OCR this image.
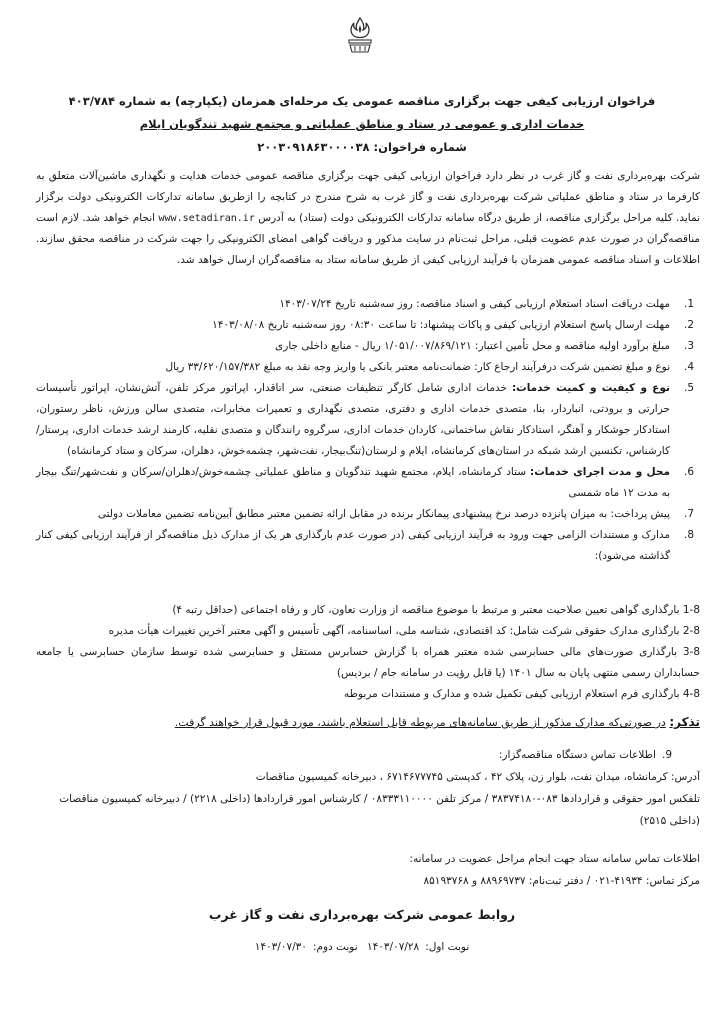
فراخوان ارزیابی کیفی جهت برگزاری مناقصه عمومی یک مرحله‌ای همزمان (یکپارچه) به شماره ۴۰۳/۷۸۴
خدمات اداری و عمومی در ستاد و مناطق عملیاتی و مجتمع شهید تندگویان ایلام
شماره فراخوان: ۲۰۰۳۰۹۱۸۶۳۰۰۰۰۳۸
شرکت بهره‌برداری نفت و گاز غرب در نظر دارد فراخوان ارزیابی کیفی جهت برگزاری مناقصه عمومی خدمات هدایت و نگهداری ماشین‌آلات متعلق به کارفرما در ستاد و مناطق عملیاتی شرکت بهره‌برداری نفت و گاز غرب به شرح مندرج در کتابچه را ازطریق سامانه تدارکات الکترونیکی دولت برگزار نماید. کلیه مراحل برگزاری مناقصه، از طریق درگاه سامانه تدارکات الکترونیکی دولت (ستاد) به آدرس www.setadiran.ir انجام خواهد شد. لازم است مناقصه‌گران در صورت عدم عضویت قبلی، مراحل ثبت‌نام در سایت مذکور و دریافت گواهی امضای الکترونیکی را جهت شرکت در مناقصه محقق سازند. اطلاعات و اسناد مناقصه عمومی همزمان با فرآیند ارزیابی کیفی از طریق سامانه ستاد به مناقصه‌گران ارسال خواهد شد.
1.
مهلت دریافت اسناد استعلام ارزیابی کیفی و اسناد مناقصه: روز سه‌شنبه تاریخ ۱۴۰۳/۰۷/۲۴
2.
مهلت ارسال پاسخ استعلام ارزیابی کیفی و پاکات پیشنهاد: تا ساعت ۰۸:۳۰ روز سه‌شنبه تاریخ ۱۴۰۳/۰۸/۰۸
3.
مبلغ برآورد اولیه مناقصه و محل تأمین اعتبار: ۱/۰۵۱/۰۰۷/۸۶۹/۱۲۱ ریال - منابع داخلی جاری
4.
نوع و مبلغ تضمین شرکت درفرآیند ارجاع کار: ضمانت‌نامه معتبر بانکی یا واریز وجه نقد به مبلغ ۳۳/۶۲۰/۱۵۷/۳۸۲ ریال
5.
نوع و کیفیت و کمیت خدمات: خدمات اداری شامل کارگر تنظیفات صنعتی، سر اتاقدار، اپراتور مرکز تلفن، آتش‌نشان، اپراتور تأسیسات حرارتی و برودتی، انباردار، بنا، متصدی خدمات اداری و دفتری، متصدی نگهداری و تعمیرات مخابرات، متصدی سالن ورزش، ناظر رستوران، استادکار جوشکار و آهنگر، استادکار نقاش ساختمانی، کاردان خدمات اداری، سرگروه رانندگان و متصدی نقلیه، کارمند ارشد خدمات اداری، پرستار/کارشناس، تکنسین ارشد شبکه در استان‌های کرمانشاه، ایلام و لرستان(تنگ‌بیجار، نفت‌شهر، چشمه‌خوش، دهلران، سرکان و ستاد کرمانشاه)
6.
محل و مدت اجرای خدمات: ستاد کرمانشاه، ایلام، مجتمع شهید تندگویان و مناطق عملیاتی چشمه‌خوش/دهلران/سرکان و نفت‌شهر/تنگ بیجار به مدت ۱۲ ماه شمسی
7.
پیش پرداخت: به میزان پانزده درصد نرخ پیشنهادی پیمانکار برنده در مقابل ارائه تضمین معتبر مطابق آیین‌نامه تضمین معاملات دولتی
8.
مدارک و مستندات الزامی جهت ورود به فرآیند ارزیابی کیفی (در صورت عدم بارگذاری هر یک از مدارک ذیل مناقصه‌گر از فرآیند ارزیابی کیفی کنار گذاشته می‌شود):
1-8 بارگذاری گواهی تعیین صلاحیت معتبر و مرتبط با موضوع مناقصه از وزارت تعاون، کار و رفاه اجتماعی (حداقل رتبه ۴)
2-8 بارگذاری مدارک حقوقی شرکت شامل: کد اقتصادی، شناسه ملی، اساسنامه، آگهی تأسیس و آگهی معتبر آخرین تغییرات هیأت مدیره
3-8 بارگذاری صورت‌های مالی حسابرسی شده معتبر همراه با گزارش حسابرس مستقل و حسابرسی شده توسط سازمان حسابرسی یا جامعه حسابداران رسمی منتهی پایان به سال ۱۴۰۱ (یا قابل رؤیت در سامانه جام / بردیس)
4-8 بارگذاری فرم استعلام ارزیابی کیفی تکمیل شده و مدارک و مستندات مربوطه
تذکر: در صورتی‌که مدارک مذکور از طریق سامانه‌های مربوطه قابل استعلام باشند، مورد قبول قرار خواهند گرفت.
9.اطلاعات تماس دستگاه مناقصه‌گزار:
آدرس: کرمانشاه، میدان نفت، بلوار زن، پلاک ۴۲ ، کدپستی ۶۷۱۴۶۷۷۷۴۵ ، دبیرخانه کمیسیون مناقصات
تلفکس امور حقوقی و قراردادها ۰۸۳-۳۸۳۷۴۱۸۰ / مرکز تلفن ۰۸۳۳۳۱۱۰۰۰۰ / کارشناس امور قراردادها (داخلی ۲۲۱۸) / دبیرخانه کمیسیون مناقصات (داخلی ۲۵۱۵)
اطلاعات تماس سامانه ستاد جهت انجام مراحل عضویت در سامانه:
مرکز تماس: ۴۱۹۳۴-۰۲۱ / دفتر ثبت‌نام: ۸۸۹۶۹۷۳۷ و ۸۵۱۹۳۷۶۸
روابط عمومی شرکت بهره‌برداری نفت و گاز غرب
نوبت اول:۱۴۰۳/۰۷/۲۸ نوبت دوم:۱۴۰۳/۰۷/۳۰
